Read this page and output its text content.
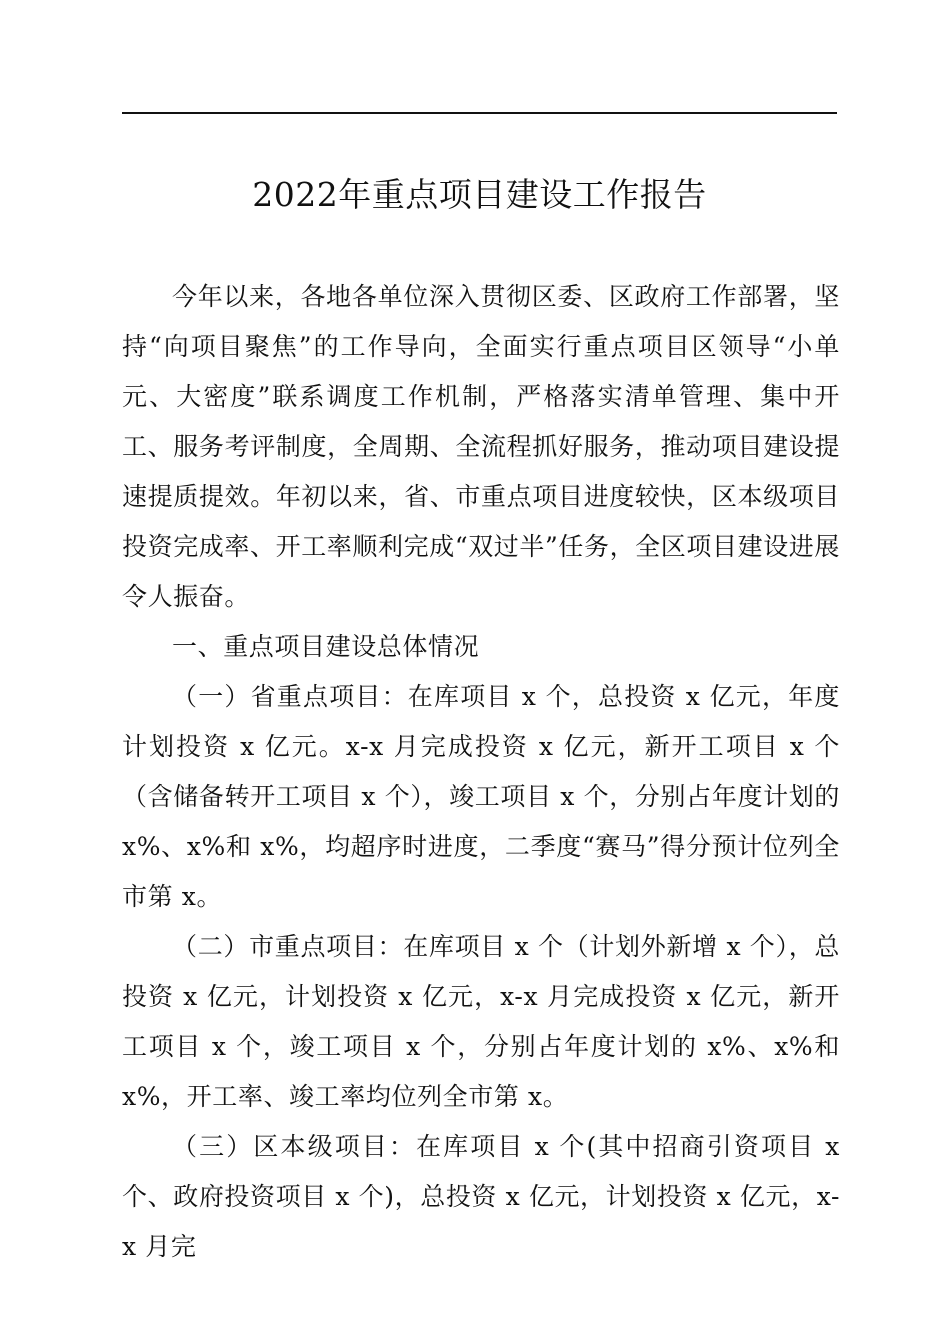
2022年重点项目建设工作报告

今年以来，各地各单位深入贯彻区委、区政府工作部署，坚持“向项目聚焦”的工作导向，全面实行重点项目区领导“小单元、大密度”联系调度工作机制，严格落实清单管理、集中开工、服务考评制度，全周期、全流程抓好服务，推动项目建设提速提质提效。年初以来，省、市重点项目进度较快，区本级项目投资完成率、开工率顺利完成“双过半”任务，全区项目建设进展令人振奋。

一、重点项目建设总体情况

（一）省重点项目：在库项目 x 个，总投资 x 亿元，年度计划投资 x 亿元。x-x 月完成投资 x 亿元，新开工项目 x 个（含储备转开工项目 x 个），竣工项目 x 个，分别占年度计划的 x%、x%和 x%，均超序时进度，二季度“赛马”得分预计位列全市第 x。

（二）市重点项目：在库项目 x 个（计划外新增 x 个），总投资 x 亿元，计划投资 x 亿元，x-x 月完成投资 x 亿元，新开工项目 x 个，竣工项目 x 个，分别占年度计划的 x%、x%和 x%，开工率、竣工率均位列全市第 x。

（三）区本级项目：在库项目 x 个(其中招商引资项目 x 个、政府投资项目 x 个)，总投资 x 亿元，计划投资 x 亿元，x-x 月完
